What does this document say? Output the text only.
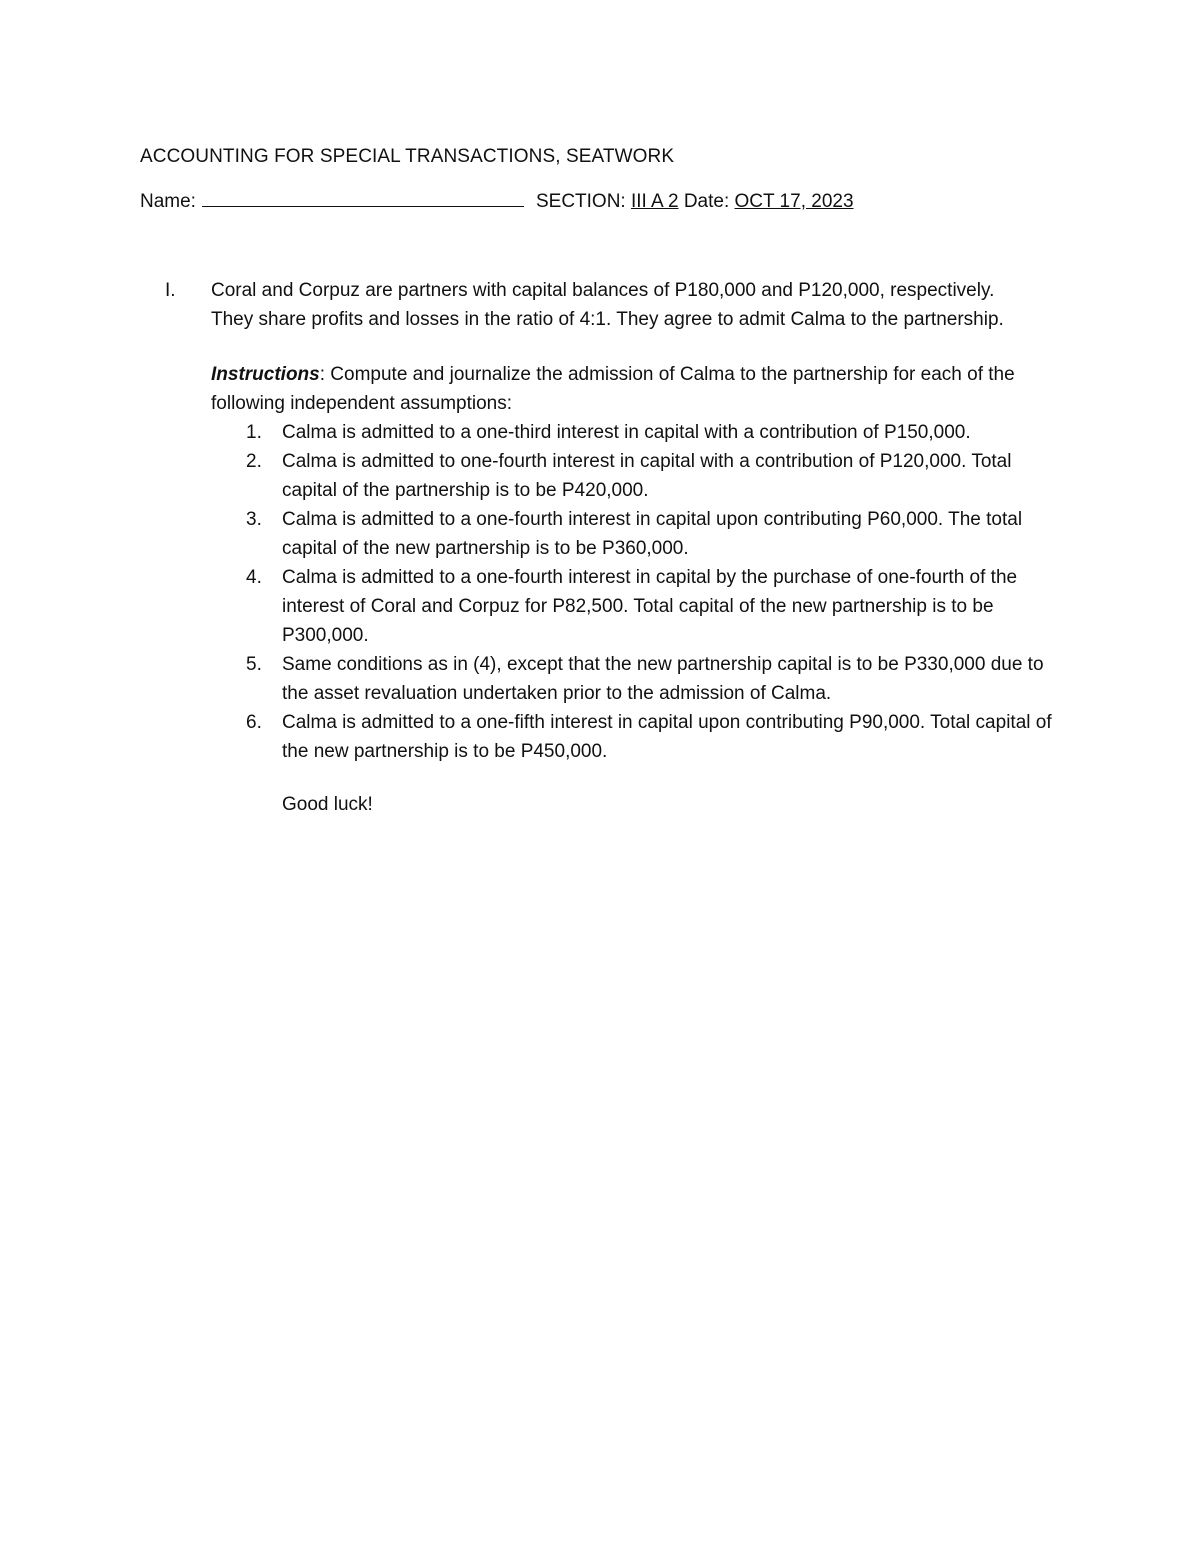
ACCOUNTING FOR SPECIAL TRANSACTIONS, SEATWORK
Name:	SECTION: III A 2 Date: OCT 17, 2023
I. Coral and Corpuz are partners with capital balances of P180,000 and P120,000, respectively.

They share profits and losses in the ratio of 4:1. They agree to admit Calma to the partnership.

Instructions: Compute and journalize the admission of Calma to the partnership for each of the following independent assumptions:

1. Calma is admitted to a one-third interest in capital with a contribution of P150,000.
2. Calma is admitted to one-fourth interest in capital with a contribution of P120,000. Total capital of the partnership is to be P420,000.
3. Calma is admitted to a one-fourth interest in capital upon contributing P60,000. The total capital of the new partnership is to be P360,000.
4. Calma is admitted to a one-fourth interest in capital by the purchase of one-fourth of the interest of Coral and Corpuz for P82,500. Total capital of the new partnership is to be P300,000.
5. Same conditions as in (4), except that the new partnership capital is to be P330,000 due to the asset revaluation undertaken prior to the admission of Calma.
6. Calma is admitted to a one-fifth interest in capital upon contributing P90,000. Total capital of the new partnership is to be P450,000.

Good luck!
